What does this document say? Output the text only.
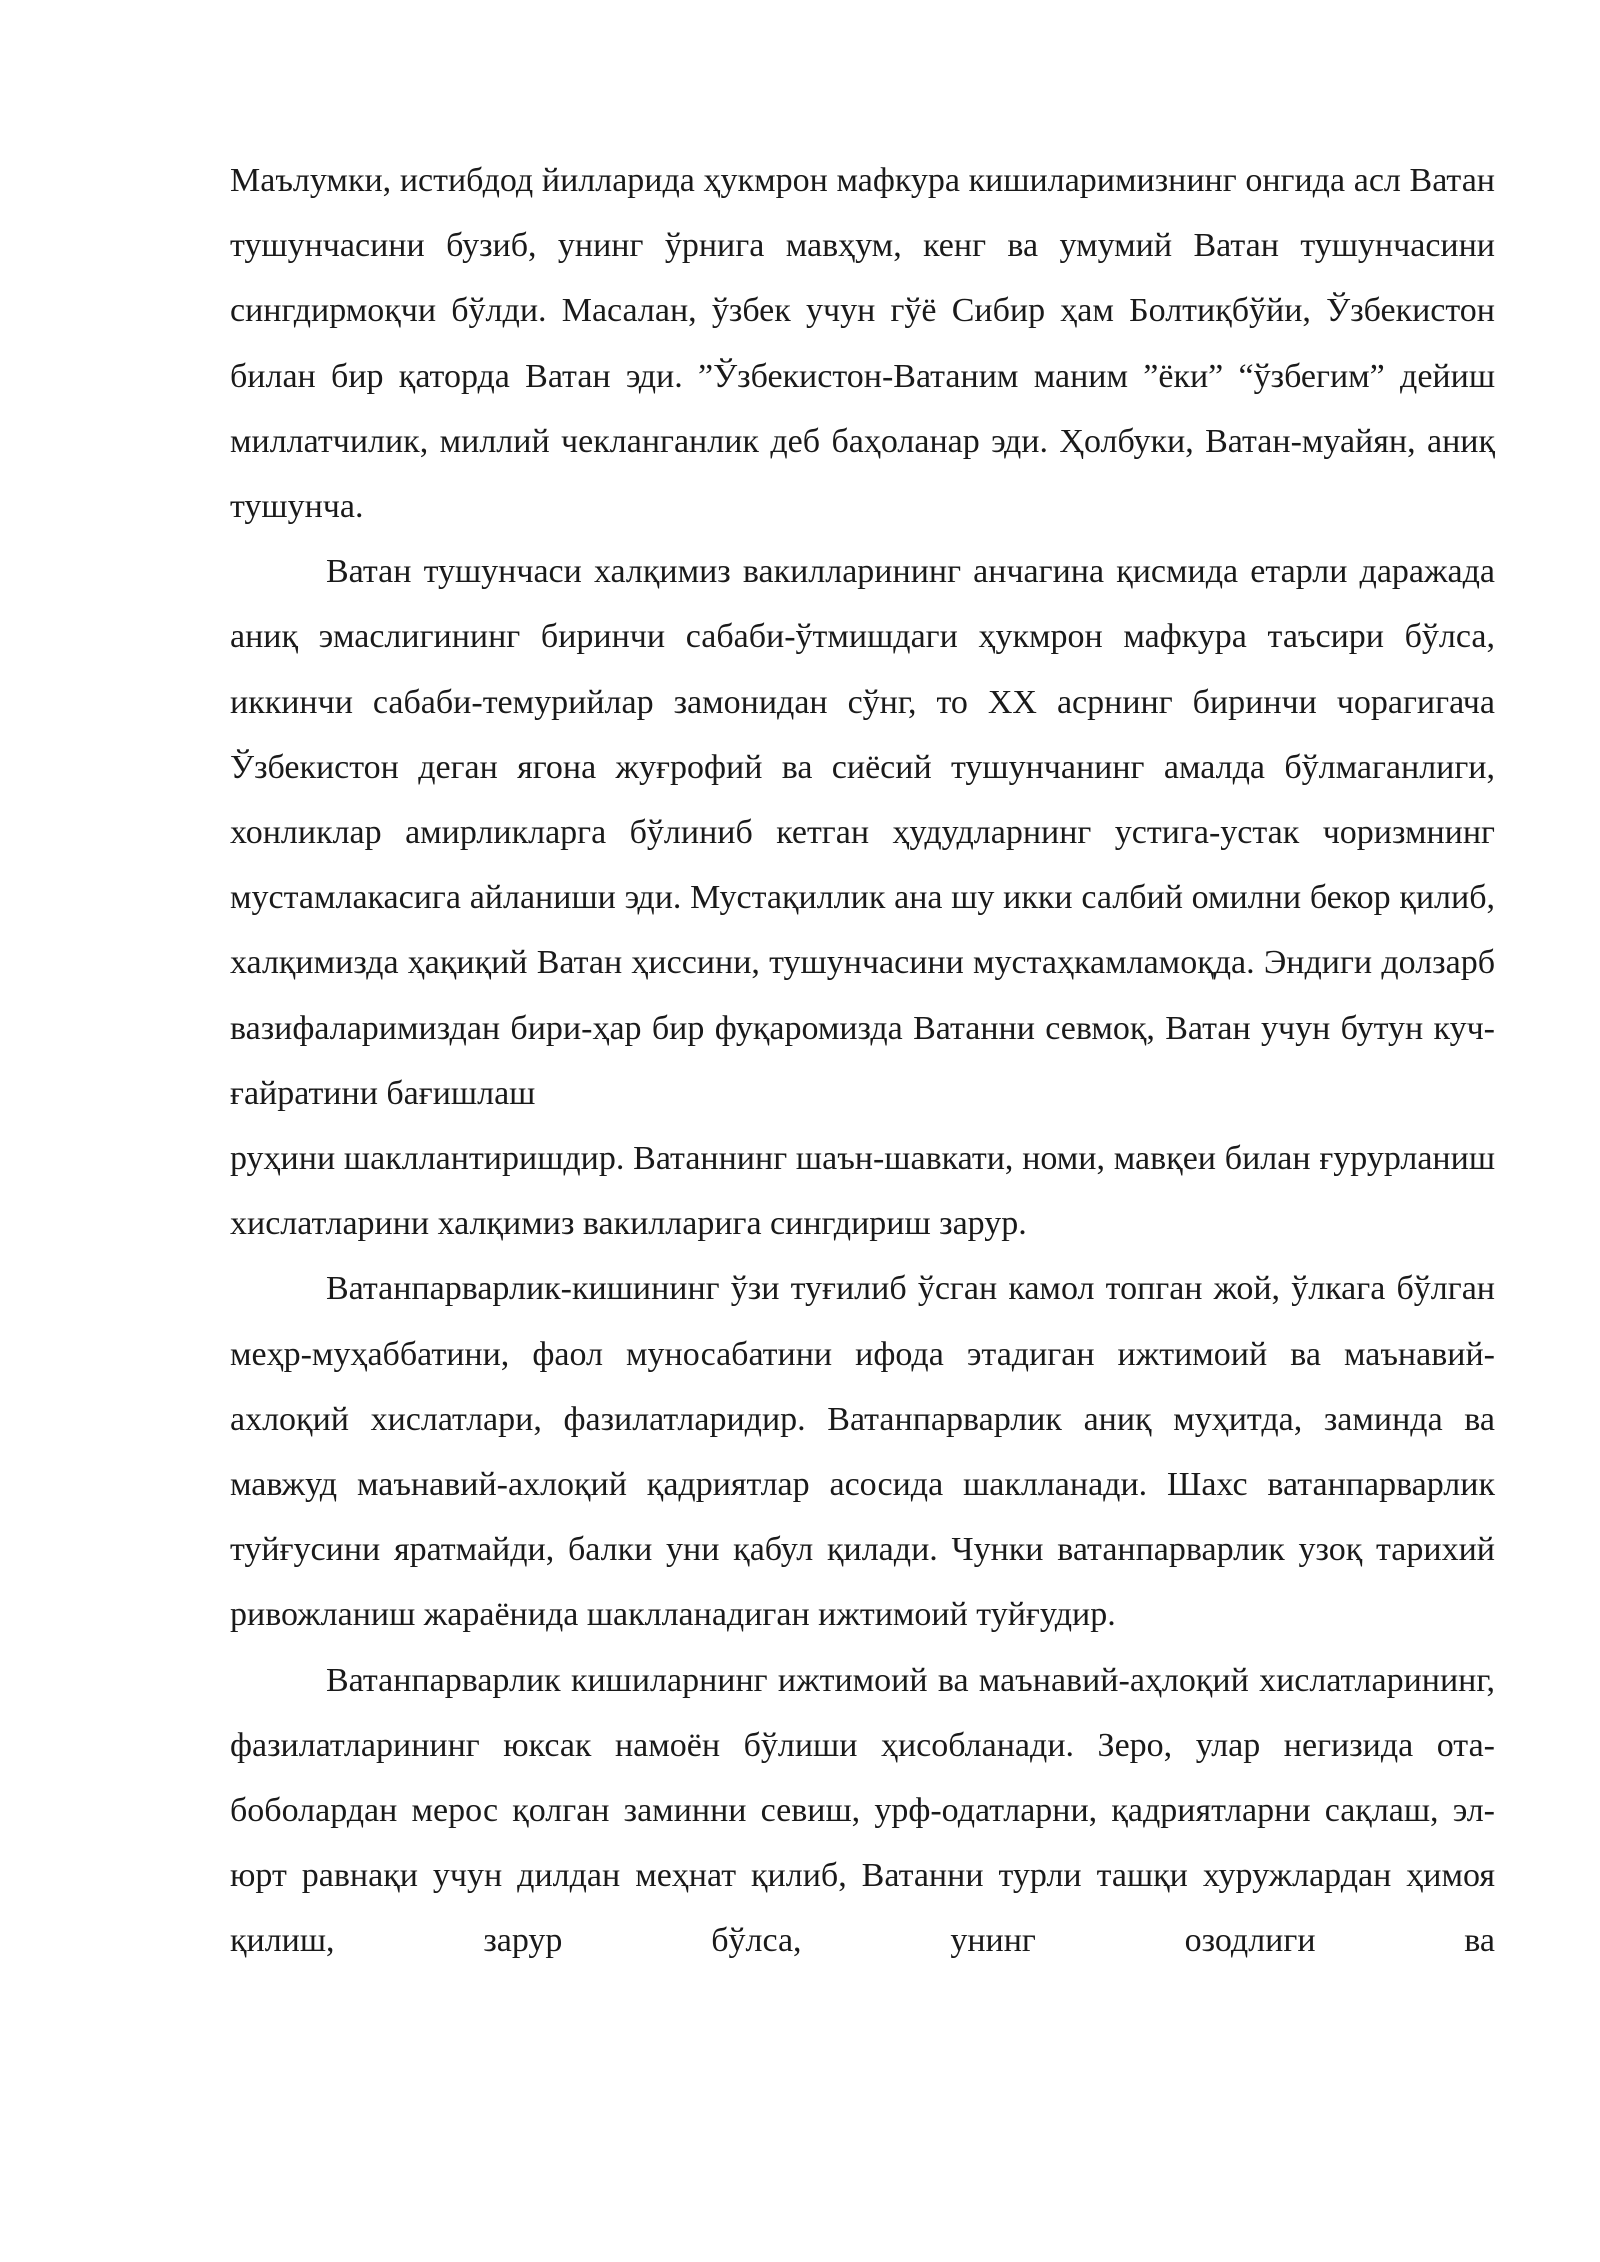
Маълумки, истибдод йилларида ҳукмрон мафкура кишиларимизнинг онгида асл Ватан тушунчасини бузиб, унинг ўрнига мавҳум, кенг ва умумий Ватан тушунчасини сингдирмоқчи бўлди. Масалан, ўзбек учун гўё Сибир ҳам Болтиқбўйи, Ўзбекистон билан бир қаторда Ватан эди. ”Ўзбекистон-Ватаним маним ”ёки” “ўзбегим” дейиш миллатчилик, миллий чекланганлик деб баҳоланар эди. Ҳолбуки, Ватан-муайян, аниқ тушунча.

Ватан тушунчаси халқимиз вакилларининг анчагина қисмида етарли даражада аниқ эмаслигининг биринчи сабаби-ўтмишдаги ҳукмрон мафкура таъсири бўлса, иккинчи сабаби-темурийлар замонидан сўнг, то ХХ асрнинг биринчи чорагигача Ўзбекистон деган ягона жуғрофий ва сиёсий тушунчанинг амалда бўлмаганлиги, хонликлар амирликларга бўлиниб кетган ҳудудларнинг устига-устак чоризмнинг мустамлакасига айланиши эди. Мустақиллик ана шу икки салбий омилни бекор қилиб, халқимизда ҳақиқий Ватан ҳиссини, тушунчасини мустаҳкамламоқда. Эндиги долзарб вазифаларимиздан бири-ҳар бир фуқаромизда Ватанни севмоқ, Ватан учун бутун куч-ғайратини бағишлаш

руҳини шакллантиришдир. Ватаннинг шаън-шавкати, номи, мавқеи билан ғурурланиш хислатларини халқимиз вакилларига сингдириш зарур.

Ватанпарварлик-кишининг ўзи туғилиб ўсган камол топган жой, ўлкага бўлган меҳр-муҳаббатини, фаол муносабатини ифода этадиган ижтимоий ва маънавий-ахлоқий хислатлари, фазилатларидир. Ватанпарварлик аниқ муҳитда, заминда ва мавжуд маънавий-ахлоқий қадриятлар асосида шаклланади. Шахс ватанпарварлик туйғусини яратмайди, балки уни қабул қилади. Чунки ватанпарварлик узоқ тарихий ривожланиш жараёнида шаклланадиган ижтимоий туйғудир.

Ватанпарварлик кишиларнинг ижтимоий ва маънавий-аҳлоқий хислатларининг, фазилатларининг юксак намоён бўлиши ҳисобланади. Зеро, улар негизида ота-боболардан мерос қолган заминни севиш, урф-одатларни, қадриятларни сақлаш, эл-юрт равнақи учун дилдан меҳнат қилиб, Ватанни турли ташқи хуружлардан ҳимоя қилиш, зарур бўлса, унинг озодлиги ва
